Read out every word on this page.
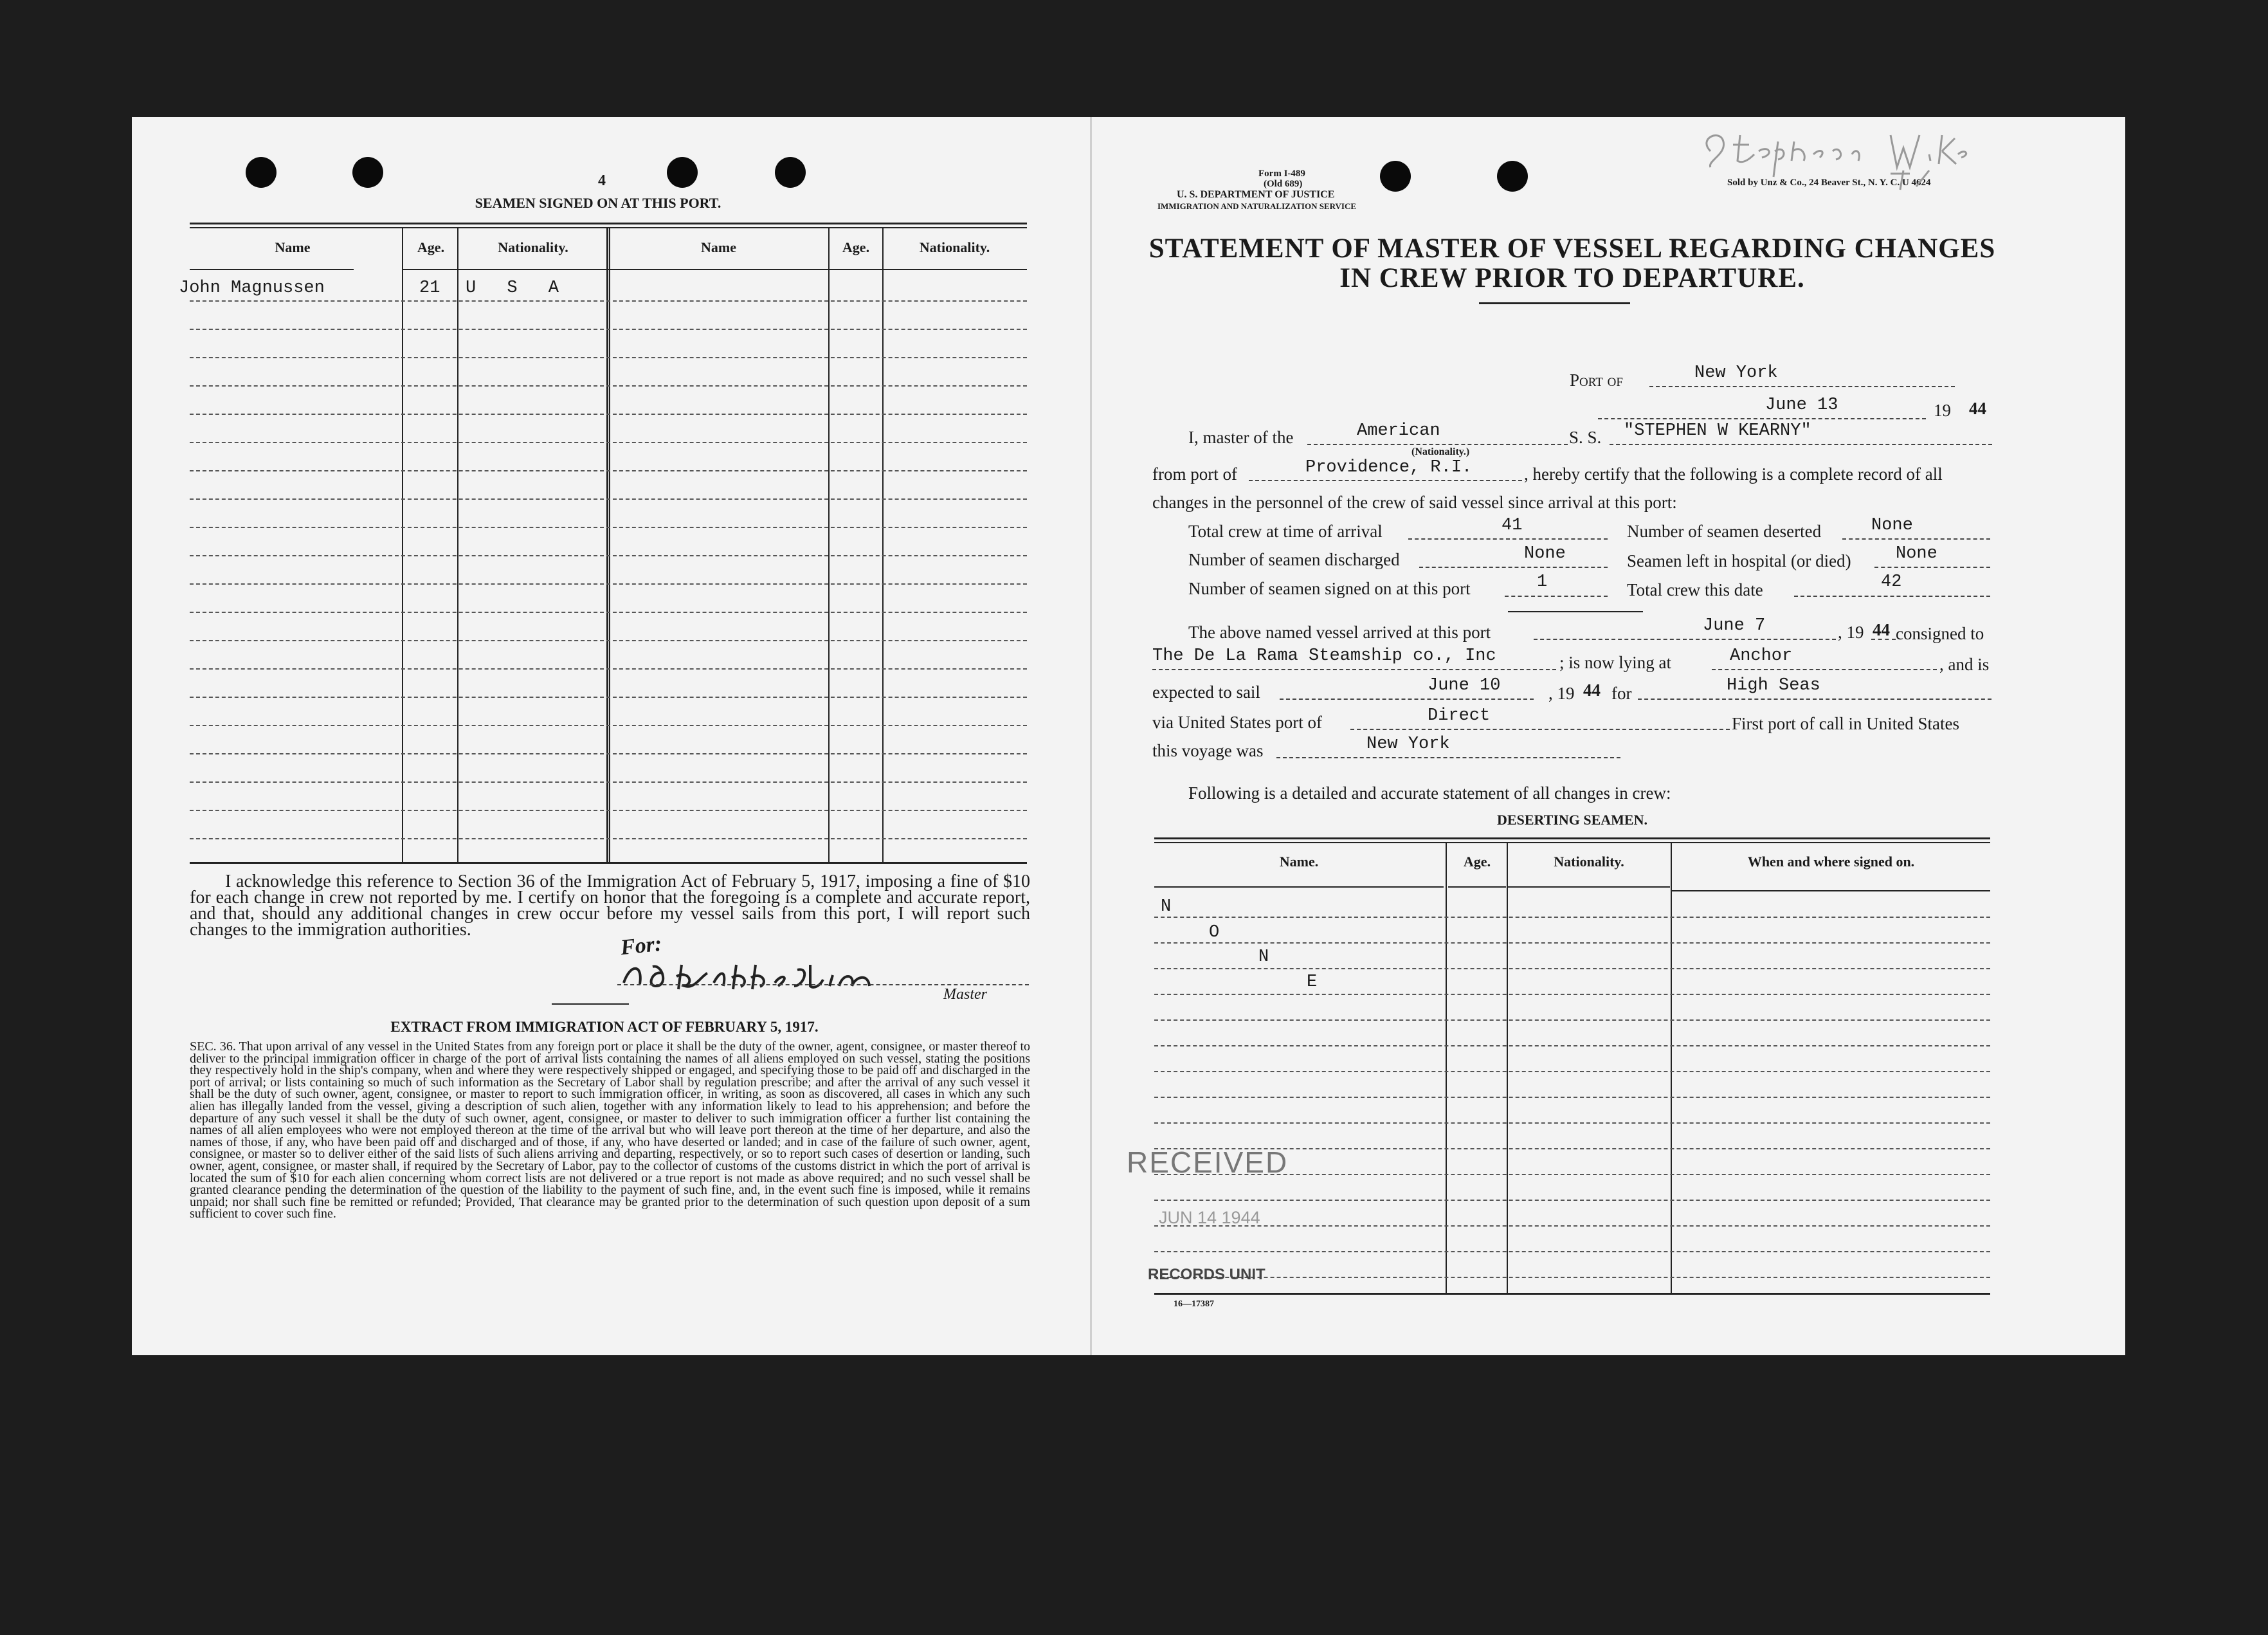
4
SEAMEN SIGNED ON AT THIS PORT.
Name	Age.	Nationality.	Name	Age.	Nationality.
John Magnussen	21 U S A
I acknowledge this reference to Section 36 of the Immigration Act of February 5, 1917, imposing a fine of $10 for each change in crew not reported by me. I certify on honor that the foregoing is a complete and accurate report, and that, should any additional changes in crew occur before my vessel sails from this port, I will report such changes to the immigration authorities.
For:
Master
EXTRACT FROM IMMIGRATION ACT OF FEBRUARY 5, 1917.
SEC. 36. That upon arrival of any vessel in the United States from any foreign port or place it shall be the duty of the owner, agent, consignee, or master thereof to deliver to the principal immigration officer in charge of the port of arrival lists containing the names of all aliens employed on such vessel, stating the positions they respectively hold in the ship's company, when and where they were respectively shipped or engaged, and specifying those to be paid off and discharged in the port of arrival; or lists containing so much of such information as the Secretary of Labor shall by regulation prescribe; and after the arrival of any such vessel it shall be the duty of such owner, agent, consignee, or master to report to such immigration officer, in writing, as soon as discovered, all cases in which any such alien has illegally landed from the vessel, giving a description of such alien, together with any information likely to lead to his apprehension; and before the departure of any such vessel it shall be the duty of such owner, agent, consignee, or master to deliver to such immigration officer a further list containing the names of all alien employees who were not employed thereon at the time of the arrival but who will leave port thereon at the time of her departure, and also the names of those, if any, who have been paid off and discharged and of those, if any, who have deserted or landed; and in case of the failure of such owner, agent, consignee, or master so to deliver either of the said lists of such aliens arriving and departing, respectively, or so to report such cases of desertion or landing, such owner, agent, consignee, or master shall, if required by the Secretary of Labor, pay to the collector of customs of the customs district in which the port of arrival is located the sum of $10 for each alien concerning whom correct lists are not delivered or a true report is not made as above required; and no such vessel shall be granted clearance pending the determination of the question of the liability to the payment of such fine, and, in the event such fine is imposed, while it remains unpaid; nor shall such fine be remitted or refunded; Provided, That clearance may be granted prior to the determination of such question upon deposit of a sum sufficient to cover such fine.
Form I-489
(Old 689)
U. S. DEPARTMENT OF JUSTICE
IMMIGRATION AND NATURALIZATION SERVICE
Sold by Unz & Co., 24 Beaver St., N. Y. C. U 4624
STATEMENT OF MASTER OF VESSEL REGARDING CHANGES
IN CREW PRIOR TO DEPARTURE.
Port of	New York
June 13	19 44
I, master of the	American
(Nationality.)
S. S. "STEPHEN W KEARNY"
from port of	Providence, R.I.	, hereby certify that the following is a complete record of all
changes in the personnel of the crew of said vessel since arrival at this port:
Total crew at time of arrival	41	Number of seamen deserted	None
Number of seamen discharged	None	Seamen left in hospital (or died)	None
Number of seamen signed on at this port	1	Total crew this date	42
The above named vessel arrived at this port	June 7	, 19 44 consigned to
The De La Rama Steamship co., Inc	; is now lying at	Anchor	, and is
expected to sail	June 10	, 19 44 for	High Seas
via United States port of	Direct	First port of call in United States
this voyage was	New York
Following is a detailed and accurate statement of all changes in crew:
DESERTING SEAMEN.
Name.	Age.	Nationality.	When and where signed on.
N
O
N
E
RECEIVED
JUN 14 1944
RECORDS UNIT
16—17387
